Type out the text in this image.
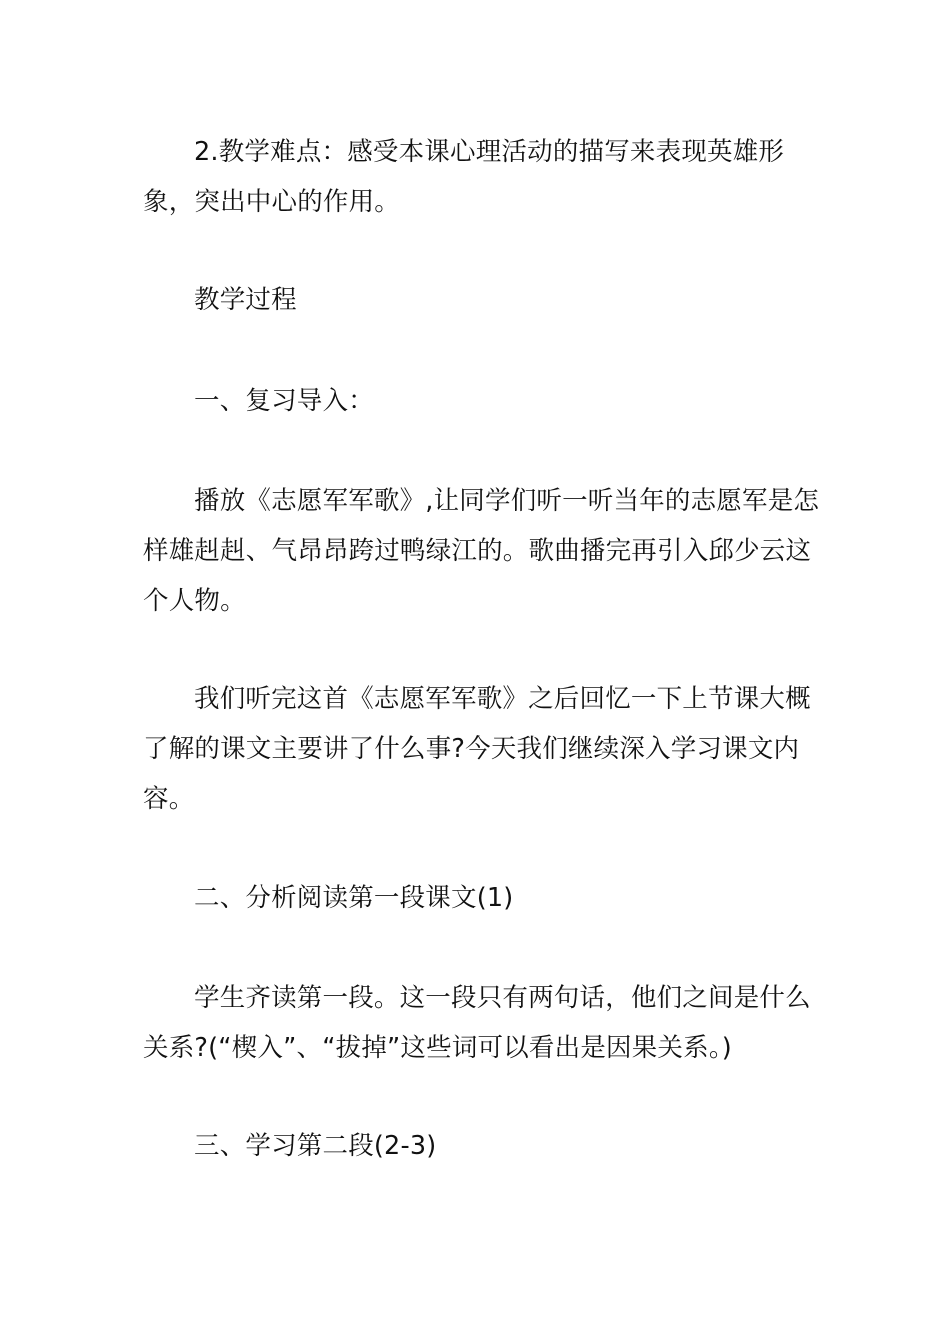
2.教学难点：感受本课心理活动的描写来表现英雄形象，突出中心的作用。

教学过程

一、复习导入：

播放《志愿军军歌》,让同学们听一听当年的志愿军是怎样雄赳赳、气昂昂跨过鸭绿江的。歌曲播完再引入邱少云这个人物。

我们听完这首《志愿军军歌》之后回忆一下上节课大概了解的课文主要讲了什么事?今天我们继续深入学习课文内容。

二、分析阅读第一段课文(1)

学生齐读第一段。这一段只有两句话，他们之间是什么关系?(“楔入”、“拔掉”这些词可以看出是因果关系。)

三、学习第二段(2-3)
